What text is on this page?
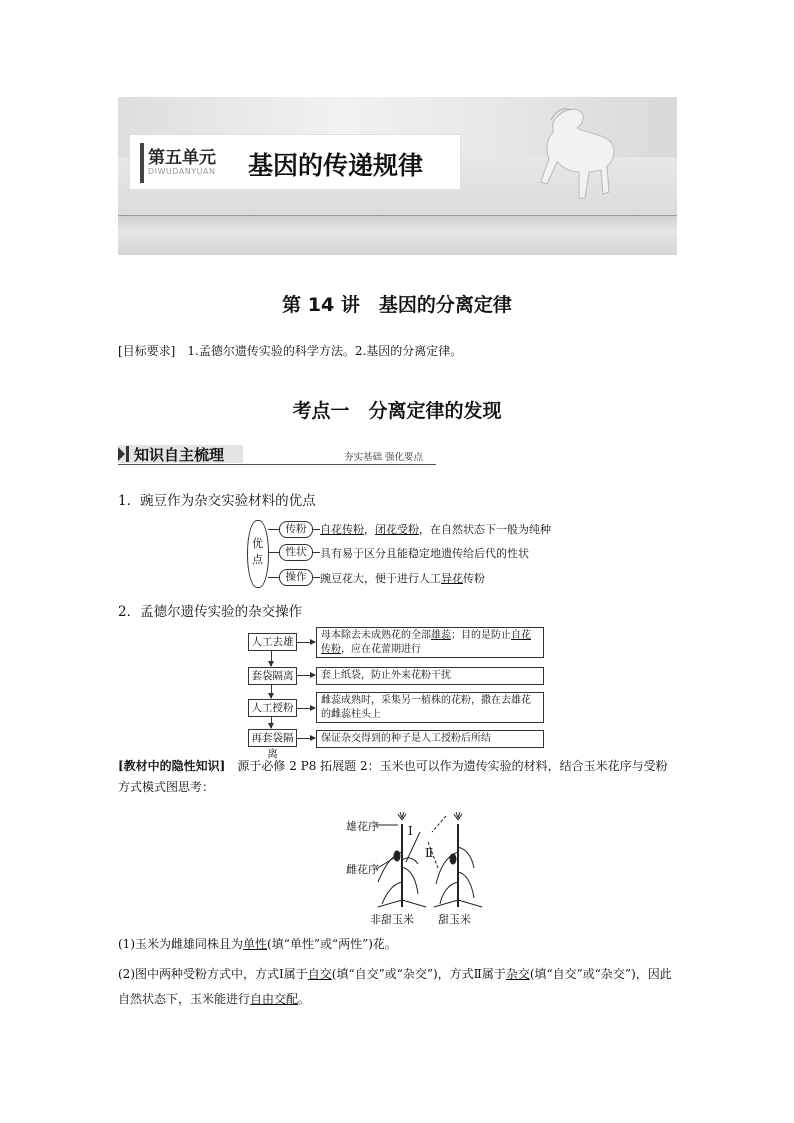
第五单元
DIWUDANYUAN 基因的传递规律
第 14 讲　基因的分离定律
[目标要求]　1.孟德尔遗传实验的科学方法。2.基因的分离定律。
考点一　分离定律的发现
知识自主梳理	夯实基础 强化要点
1．豌豆作为杂交实验材料的优点
优点
传粉
性状
操作
自花传粉，闭花受粉，在自然状态下一般为纯种
具有易于区分且能稳定地遗传给后代的性状
豌豆花大，便于进行人工异花传粉
2．孟德尔遗传实验的杂交操作
人工去雄
套袋隔离
人工授粉
再套袋隔离
母本除去未成熟花的全部雄蕊；目的是防止自花
传粉，应在花蕾期进行
套上纸袋，防止外来花粉干扰
雌蕊成熟时，采集另一植株的花粉，撒在去雄花的雌蕊柱头上
保证杂交得到的种子是人工授粉后所结
[教材中的隐性知识]　 源于必修 2 P8 拓展题 2：玉米也可以作为遗传实验的材料，结合玉米花序与受粉方式模式图思考：
雄花序
雌花序
Ⅰ
Ⅱ
非甜玉米 甜玉米
(1)玉米为雌雄同株且为单性(填“单性”或“两性”)花。
(2)图中两种受粉方式中，方式Ⅰ属于自交(填“自交”或“杂交”)，方式Ⅱ属于杂交(填“自交”或“杂交”)，因此自然状态下，玉米能进行自由交配。
